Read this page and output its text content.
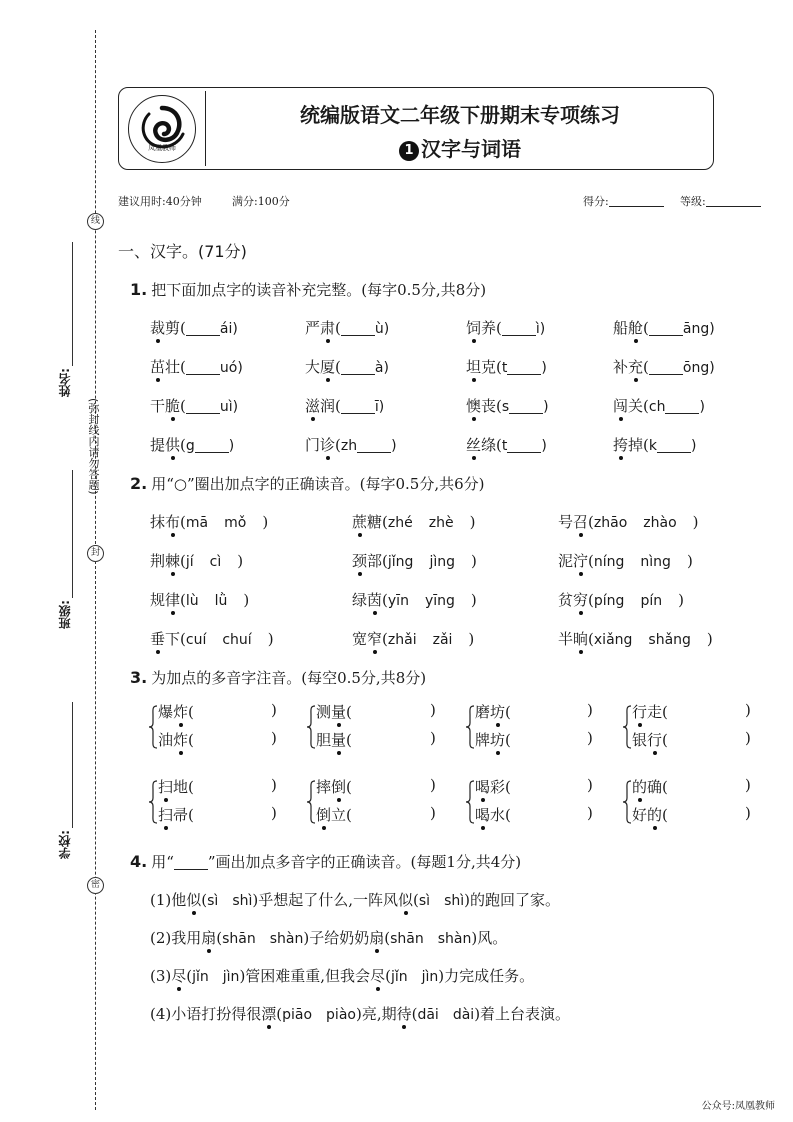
线
封
密
姓名:
班级:
学校:
(弥封线内请勿答题)
凤凰教师
统编版语文二年级下册期末专项练习
1 汉字与词语
建议用时:40分钟	满分:100分	得分:	等级:
一、汉字。(71分)
1. 把下面加点字的读音补充完整。(每字0.5分,共8分)
裁剪( ái)	严肃( ù)	饲养( ì)	船舱( āng)
茁壮( uó)	大厦( à)	坦克(t )	补充( ōng)
干脆( uì)	滋润( ī)	懊丧(s )	闯关(ch )
提供(g )	门诊(zh )	丝绦(t )	挎掉(k )
2. 用“○”圈出加点字的正确读音。(每字0.5分,共6分)
抹布(mā mǒ )	蔗糖(zhé zhè )	号召(zhāo zhào )
荆棘(jí cì )	颈部(jǐng jìng )	泥泞(níng nìng )
规律(lù lǜ )	绿茵(yīn yīng )	贫穷(píng pín )
垂下(cuí chuí )	宽窄(zhǎi zǎi )	半晌(xiǎng shǎng )
3. 为加点的多音字注音。(每空0.5分,共8分)
爆炸(	)
油炸(	)
测量(	)
胆量(	)
磨坊(	)
牌坊(	)
行走(	)
银行(	)
扫地(	)
扫帚(	)
摔倒(	)
倒立(	)
喝彩(	)
喝水(	)
的确(	)
好的(	)
4. 用“ ”画出加点多音字的正确读音。(每题1分,共4分)
(1)他似(sì shì)乎想起了什么,一阵风似(sì shì)的跑回了家。
(2)我用扇(shān shàn)子给奶奶扇(shān shàn)风。
(3)尽(jǐn jìn)管困难重重,但我会尽(jǐn jìn)力完成任务。
(4)小语打扮得很漂(piāo piào)亮,期待(dāi dài)着上台表演。
公众号:凤凰教师
